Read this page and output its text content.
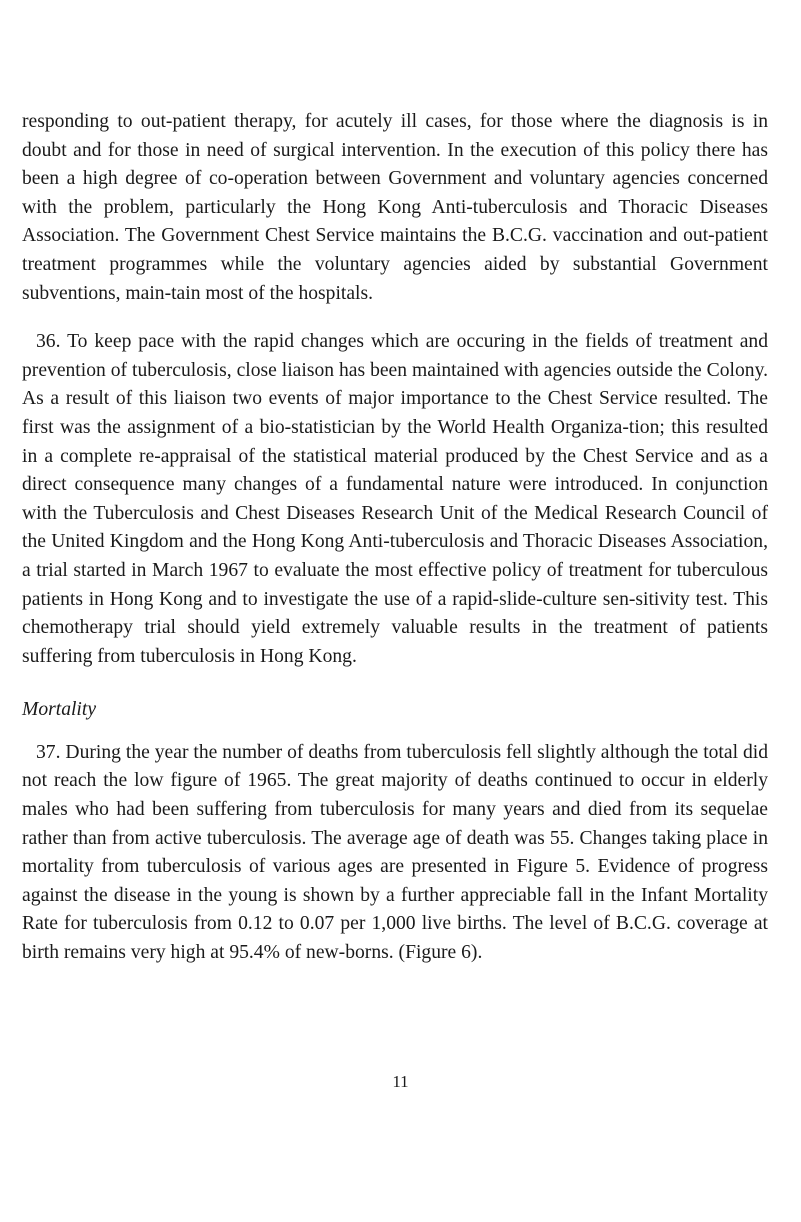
responding to out-patient therapy, for acutely ill cases, for those where the diagnosis is in doubt and for those in need of surgical intervention. In the execution of this policy there has been a high degree of co-operation between Government and voluntary agencies concerned with the problem, particularly the Hong Kong Anti-tuberculosis and Thoracic Diseases Association. The Government Chest Service maintains the B.C.G. vaccination and out-patient treatment programmes while the voluntary agencies aided by substantial Government subventions, main-tain most of the hospitals.

36. To keep pace with the rapid changes which are occuring in the fields of treatment and prevention of tuberculosis, close liaison has been maintained with agencies outside the Colony. As a result of this liaison two events of major importance to the Chest Service resulted. The first was the assignment of a bio-statistician by the World Health Organiza-tion; this resulted in a complete re-appraisal of the statistical material produced by the Chest Service and as a direct consequence many changes of a fundamental nature were introduced. In conjunction with the Tuberculosis and Chest Diseases Research Unit of the Medical Research Council of the United Kingdom and the Hong Kong Anti-tuberculosis and Thoracic Diseases Association, a trial started in March 1967 to evaluate the most effective policy of treatment for tuberculous patients in Hong Kong and to investigate the use of a rapid-slide-culture sen-sitivity test. This chemotherapy trial should yield extremely valuable results in the treatment of patients suffering from tuberculosis in Hong Kong.

Mortality

37. During the year the number of deaths from tuberculosis fell slightly although the total did not reach the low figure of 1965. The great majority of deaths continued to occur in elderly males who had been suffering from tuberculosis for many years and died from its sequelae rather than from active tuberculosis. The average age of death was 55. Changes taking place in mortality from tuberculosis of various ages are presented in Figure 5. Evidence of progress against the disease in the young is shown by a further appreciable fall in the Infant Mortality Rate for tuberculosis from 0.12 to 0.07 per 1,000 live births. The level of B.C.G. coverage at birth remains very high at 95.4% of new-borns. (Figure 6).

11
